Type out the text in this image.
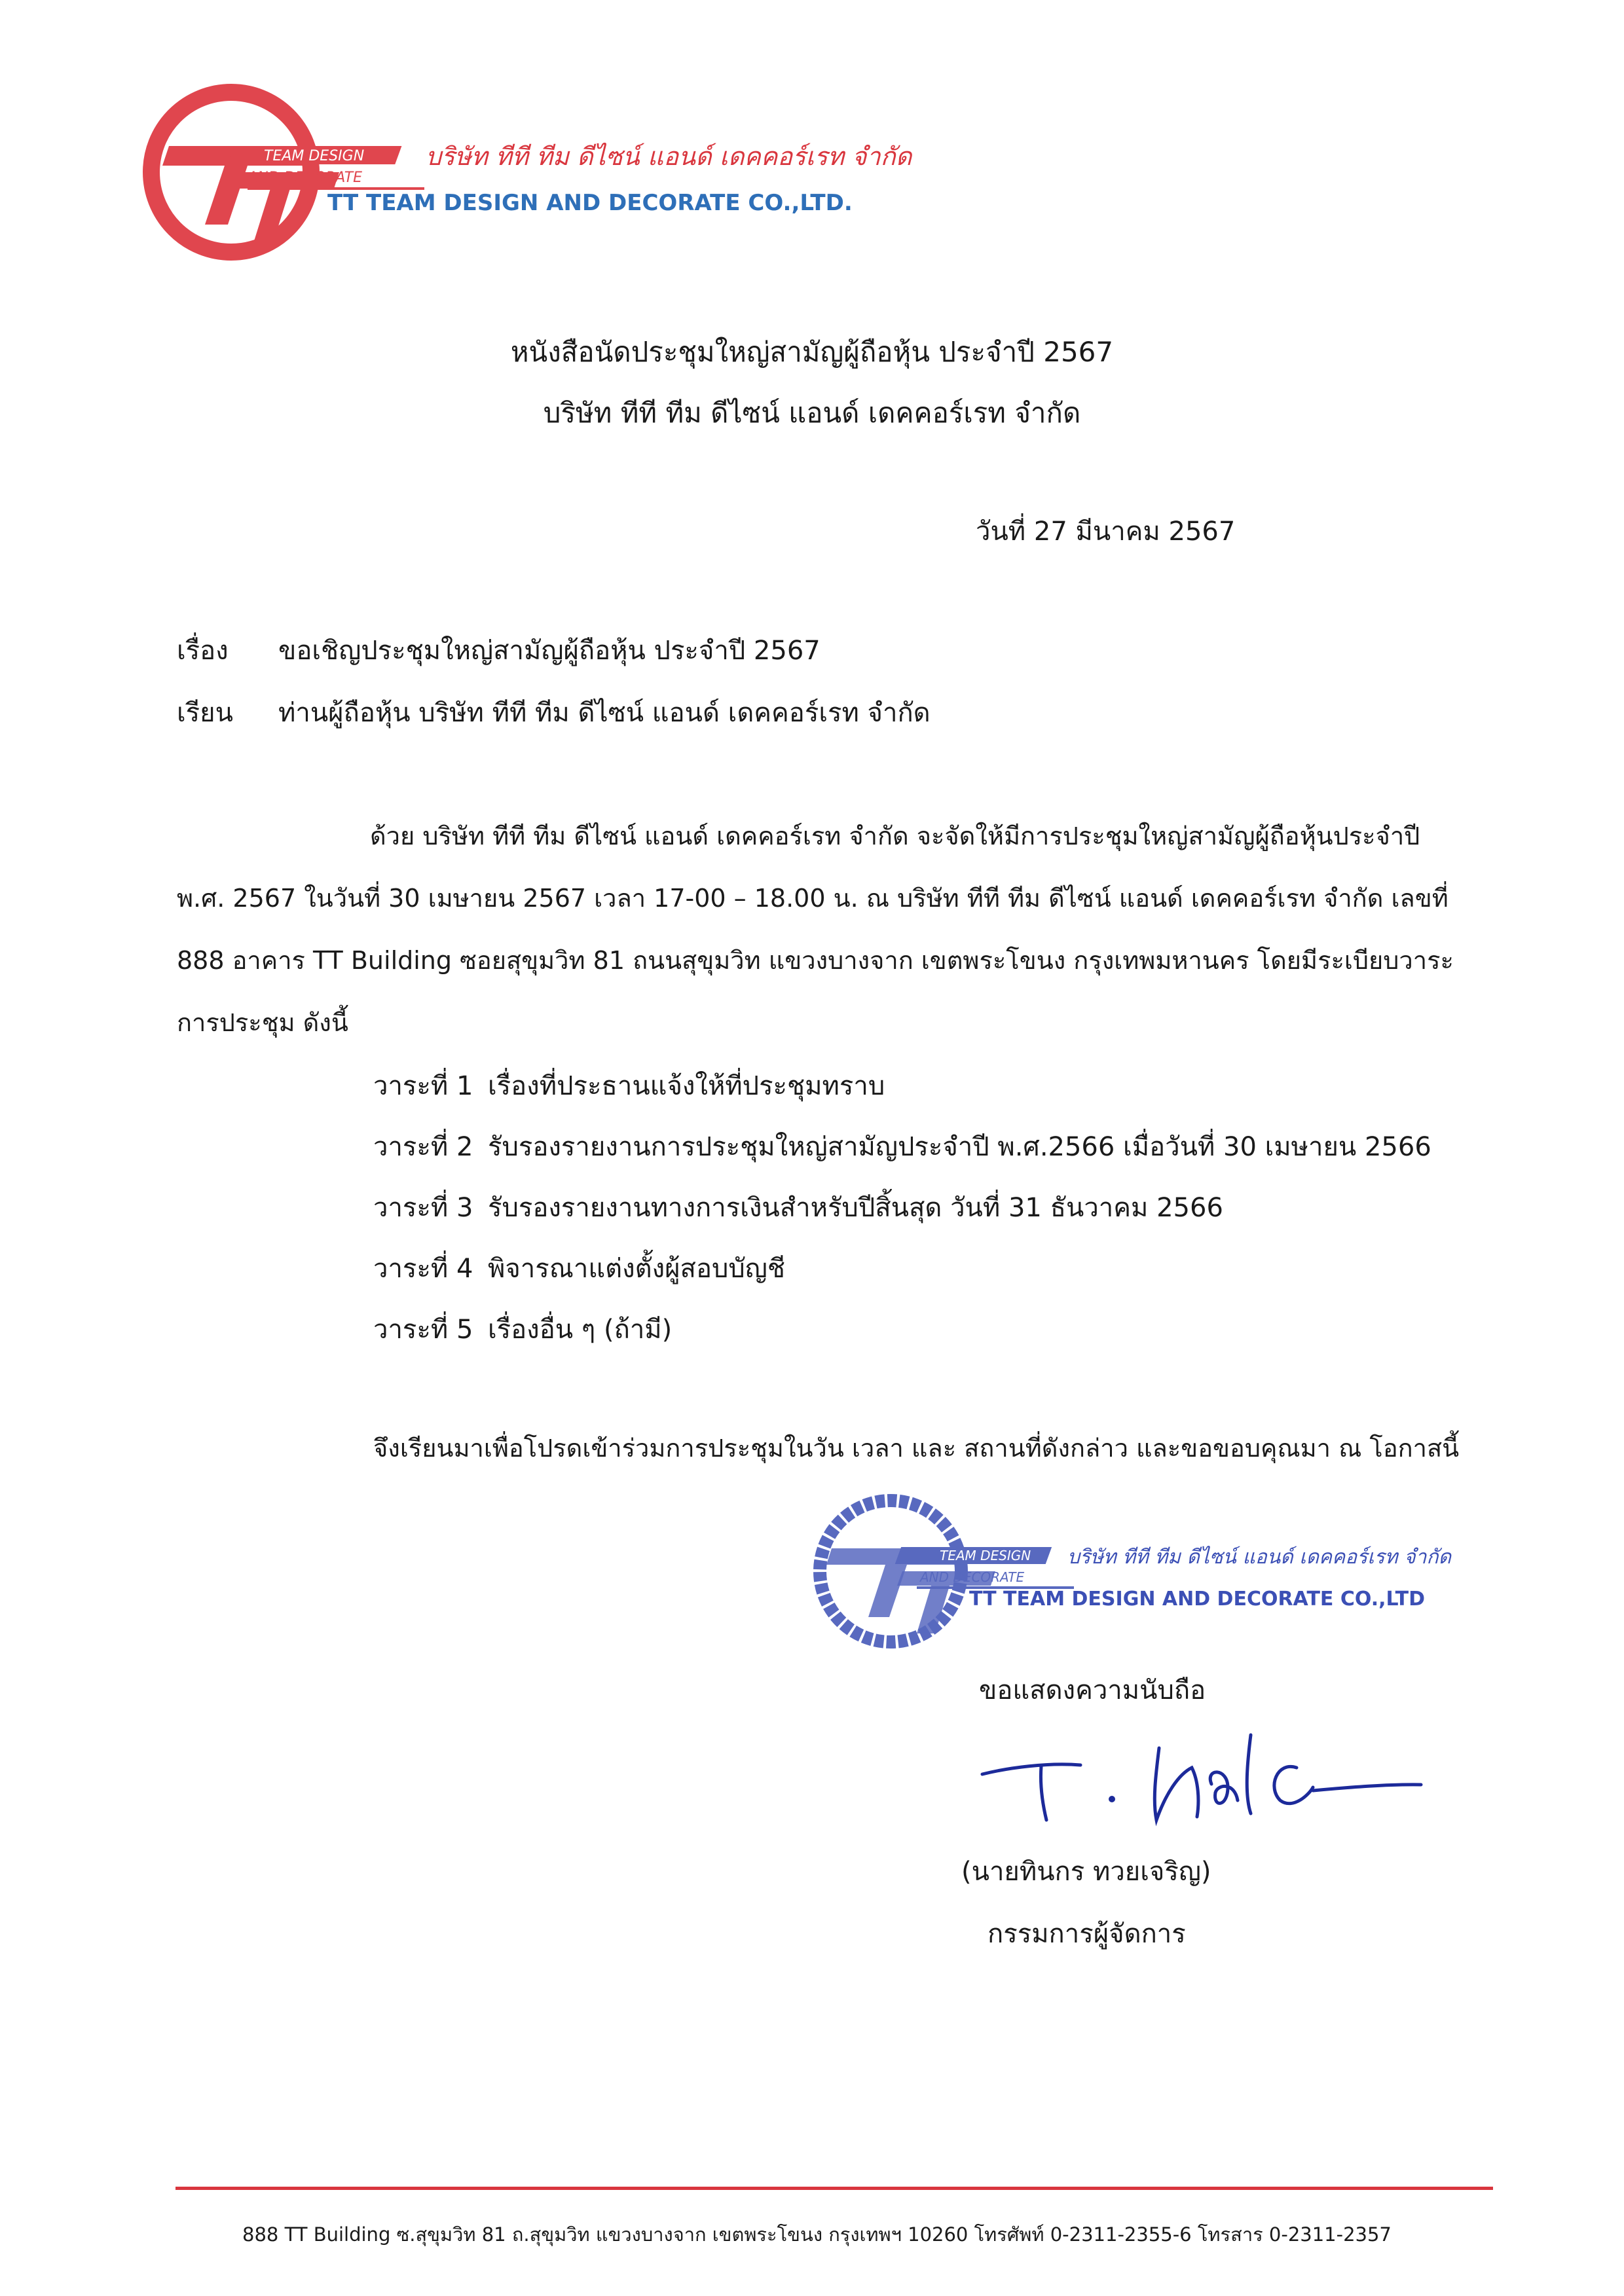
TEAM DESIGN
AND DECORATE
บริษัท ทีที ทีม ดีไซน์ แอนด์ เดคคอร์เรท จำกัด
TT TEAM DESIGN AND DECORATE CO.,LTD.
หนังสือนัดประชุมใหญ่สามัญผู้ถือหุ้น ประจำปี 2567
บริษัท ทีที ทีม ดีไซน์ แอนด์ เดคคอร์เรท จำกัด
วันที่ 27 มีนาคม 2567
เรื่อง ขอเชิญประชุมใหญ่สามัญผู้ถือหุ้น ประจำปี 2567
เรียน ท่านผู้ถือหุ้น บริษัท ทีที ทีม ดีไซน์ แอนด์ เดคคอร์เรท จำกัด
ด้วย บริษัท ทีที ทีม ดีไซน์ แอนด์ เดคคอร์เรท จำกัด จะจัดให้มีการประชุมใหญ่สามัญผู้ถือหุ้นประจำปี
พ.ศ. 2567 ในวันที่ 30 เมษายน 2567 เวลา 17-00 – 18.00 น. ณ บริษัท ทีที ทีม ดีไซน์ แอนด์ เดคคอร์เรท จำกัด เลขที่
888 อาคาร TT Building ซอยสุขุมวิท 81 ถนนสุขุมวิท แขวงบางจาก เขตพระโขนง กรุงเทพมหานคร โดยมีระเบียบวาระ
การประชุม ดังนี้
วาระที่ 1 เรื่องที่ประธานแจ้งให้ที่ประชุมทราบ
วาระที่ 2 รับรองรายงานการประชุมใหญ่สามัญประจำปี พ.ศ.2566 เมื่อวันที่ 30 เมษายน 2566
วาระที่ 3 รับรองรายงานทางการเงินสำหรับปีสิ้นสุด วันที่ 31 ธันวาคม 2566
วาระที่ 4 พิจารณาแต่งตั้งผู้สอบบัญชี
วาระที่ 5 เรื่องอื่น ๆ (ถ้ามี)
จึงเรียนมาเพื่อโปรดเข้าร่วมการประชุมในวัน เวลา และ สถานที่ดังกล่าว และขอขอบคุณมา ณ โอกาสนี้
TEAM DESIGN
AND DECORATE
บริษัท ทีที ทีม ดีไซน์ แอนด์ เดคคอร์เรท จำกัด
TT TEAM DESIGN AND DECORATE CO.,LTD
ขอแสดงความนับถือ
(นายทินกร ทวยเจริญ)
กรรมการผู้จัดการ
888 TT Building ซ.สุขุมวิท 81 ถ.สุขุมวิท แขวงบางจาก เขตพระโขนง กรุงเทพฯ 10260 โทรศัพท์ 0-2311-2355-6 โทรสาร 0-2311-2357
